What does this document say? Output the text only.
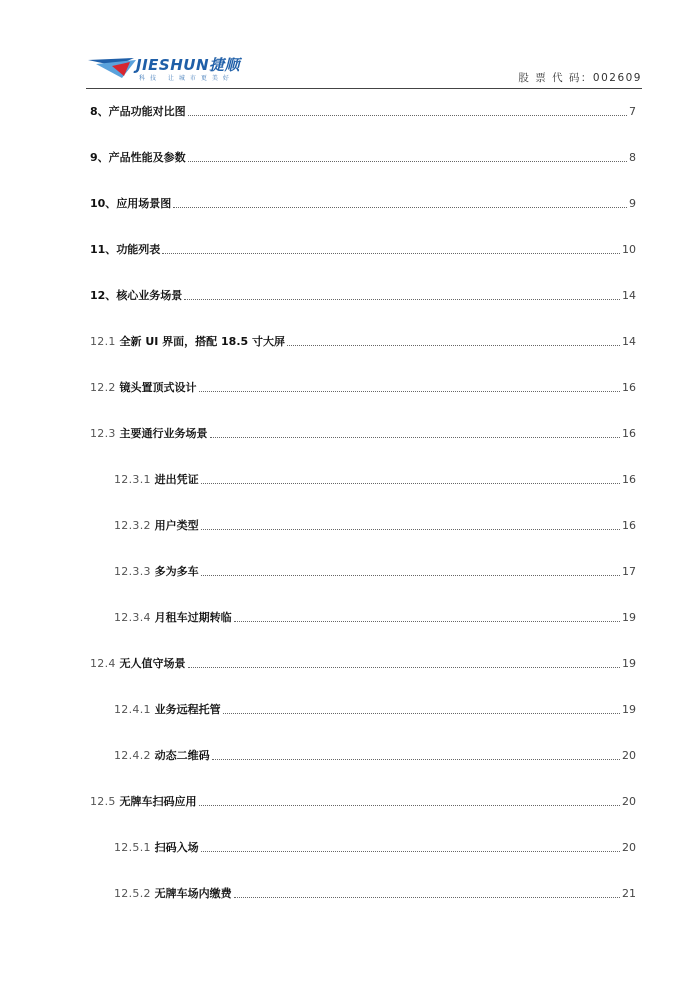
JIESHUN捷顺
科技 让城市更美好	股 票 代 码：002609
8、产品功能对比图	7
9、产品性能及参数	8
10、应用场景图	9
11、功能列表	10
12、核心业务场景	14
12.1 全新 UI 界面，搭配 18.5 寸大屏	14
12.2 镜头置顶式设计	16
12.3 主要通行业务场景	16
12.3.1 进出凭证	16
12.3.2 用户类型	16
12.3.3 多为多车	17
12.3.4 月租车过期转临	19
12.4 无人值守场景	19
12.4.1 业务远程托管	19
12.4.2 动态二维码	20
12.5 无牌车扫码应用	20
12.5.1 扫码入场	20
12.5.2 无牌车场内缴费	21
